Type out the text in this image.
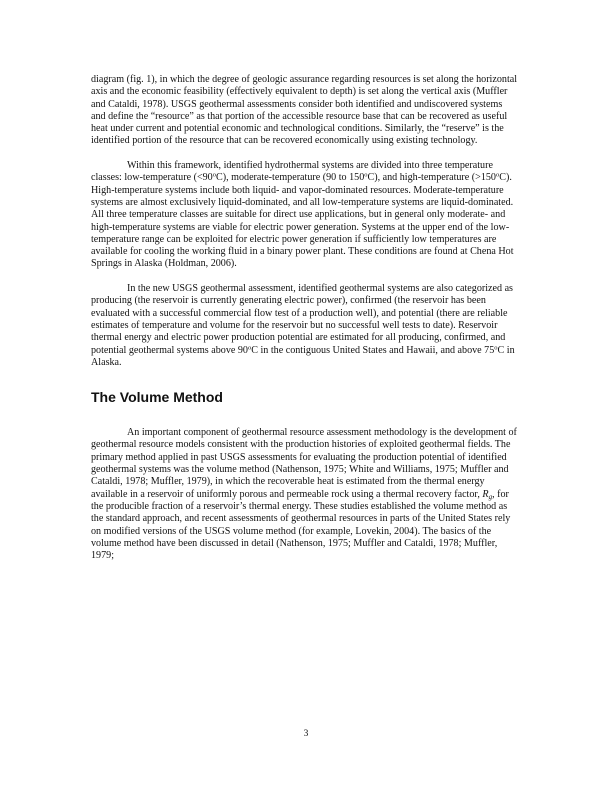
diagram (fig. 1), in which the degree of geologic assurance regarding resources is set along the horizontal axis and the economic feasibility (effectively equivalent to depth) is set along the vertical axis (Muffler and Cataldi, 1978). USGS geothermal assessments consider both identified and undiscovered systems and define the “resource” as that portion of the accessible resource base that can be recovered as useful heat under current and potential economic and technological conditions. Similarly, the “reserve” is the identified portion of the resource that can be recovered economically using existing technology.

Within this framework, identified hydrothermal systems are divided into three temperature classes: low-temperature $(<90^oC)$, moderate-temperature (90 to 150$^o$C), and high-temperature $(>150^oC)$. High-temperature systems include both liquid- and vapor-dominated resources. Moderate-temperature systems are almost exclusively liquid-dominated, and all low-temperature systems are liquid-dominated. All three temperature classes are suitable for direct use applications, but in general only moderate- and high-temperature systems are viable for electric power generation. Systems at the upper end of the low-temperature range can be exploited for electric power generation if sufficiently low temperatures are available for cooling the working fluid in a binary power plant. These conditions are found at Chena Hot Springs in Alaska (Holdman, 2006).

In the new USGS geothermal assessment, identified geothermal systems are also categorized as producing (the reservoir is currently generating electric power), confirmed (the reservoir has been evaluated with a successful commercial flow test of a production well), and potential (there are reliable estimates of temperature and volume for the reservoir but no successful well tests to date). Reservoir thermal energy and electric power production potential are estimated for all producing, confirmed, and potential geothermal systems above 90$^o$C in the contiguous United States and Hawaii, and above 75$^o$C in Alaska.

The Volume Method

An important component of geothermal resource assessment methodology is the development of geothermal resource models consistent with the production histories of exploited geothermal fields. The primary method applied in past USGS assessments for evaluating the production potential of identified geothermal systems was the volume method (Nathenson, 1975; White and Williams, 1975; Muffler and Cataldi, 1978; Muffler, 1979), in which the recoverable heat is estimated from the thermal energy available in a reservoir of uniformly porous and permeable rock using a thermal recovery factor, $R_g$, for the producible fraction of a reservoir’s thermal energy. These studies established the volume method as the standard approach, and recent assessments of geothermal resources in parts of the United States rely on modified versions of the USGS volume method (for example, Lovekin, 2004). The basics of the volume method have been discussed in detail (Nathenson, 1975; Muffler and Cataldi, 1978; Muffler, 1979;

3
